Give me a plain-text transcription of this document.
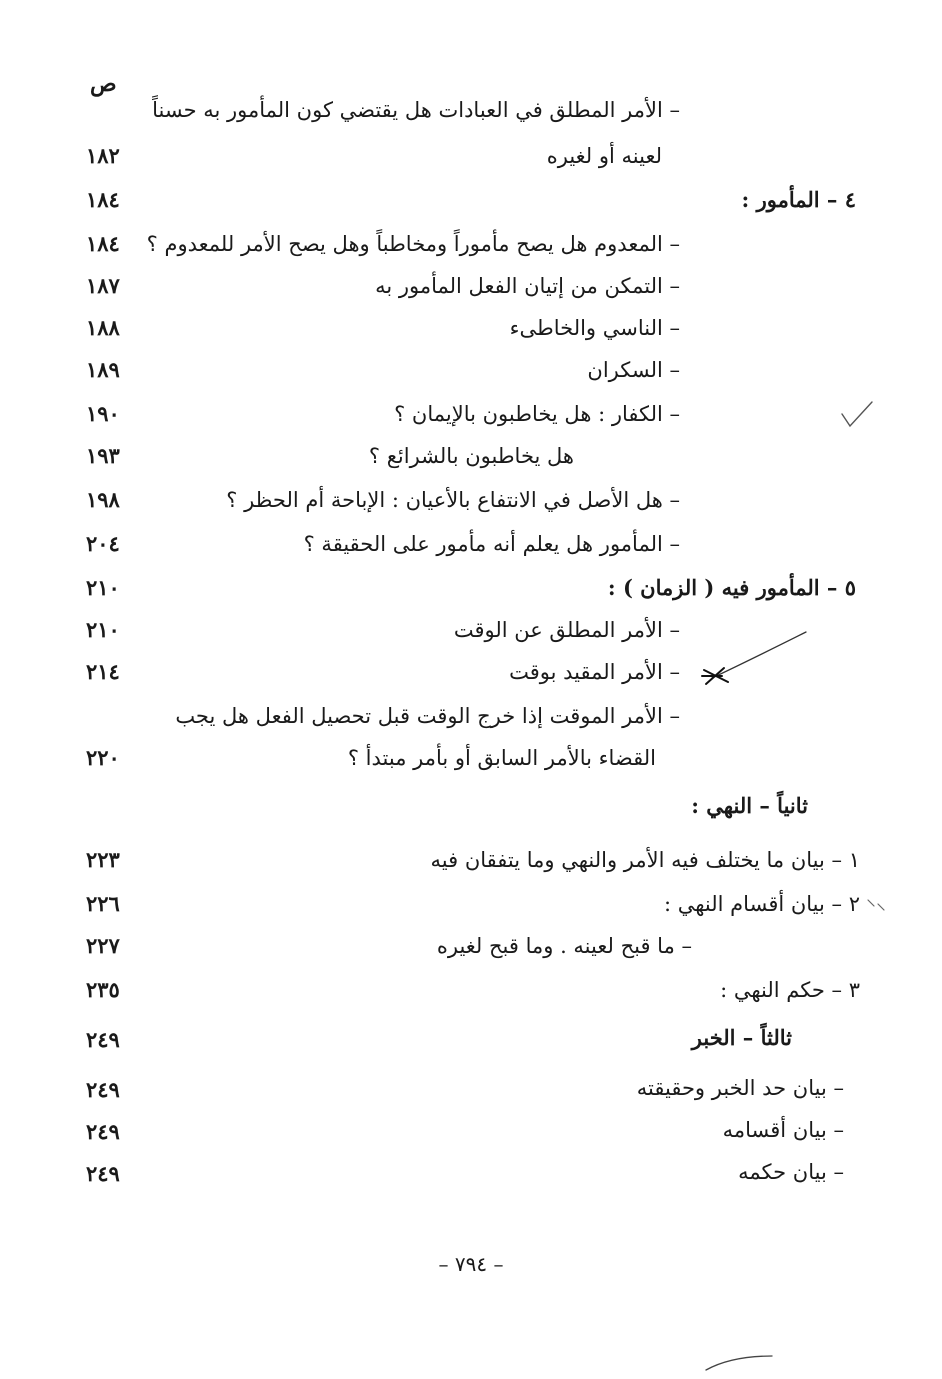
ص
– الأمر المطلق في العبادات هل يقتضي كون المأمور به حسناً
لعينه أو لغيره
١٨٢
٤ – المأمور :
١٨٤
– المعدوم هل يصح مأموراً ومخاطباً وهل يصح الأمر للمعدوم ؟
١٨٤
– التمكن من إتيان الفعل المأمور به
١٨٧
– الناسي والخاطىء
١٨٨
– السكران
١٨٩
– الكفار : هل يخاطبون بالإيمان ؟
١٩٠
هل يخاطبون بالشرائع ؟
١٩٣
– هل الأصل في الانتفاع بالأعيان : الإباحة أم الحظر ؟
١٩٨
– المأمور هل يعلم أنه مأمور على الحقيقة ؟
٢٠٤
٥ – المأمور فيه ( الزمان ) :
٢١٠
– الأمر المطلق عن الوقت
٢١٠
– الأمر المقيد بوقت
٢١٤
– الأمر الموقت إذا خرج الوقت قبل تحصيل الفعل هل يجب
القضاء بالأمر السابق أو بأمر مبتدأ ؟
٢٢٠
ثانياً – النهي :
١ – بيان ما يختلف فيه الأمر والنهي وما يتفقان فيه
٢٢٣
٢ – بيان أقسام النهي :
٢٢٦
– ما قبح لعينه . وما قبح لغيره
٢٢٧
٣ – حكم النهي :
٢٣٥
ثالثاً – الخبر
٢٤٩
– بيان حد الخبر وحقيقته
٢٤٩
– بيان أقسامه
٢٤٩
– بيان حكمه
٢٤٩
– ٧٩٤ –
